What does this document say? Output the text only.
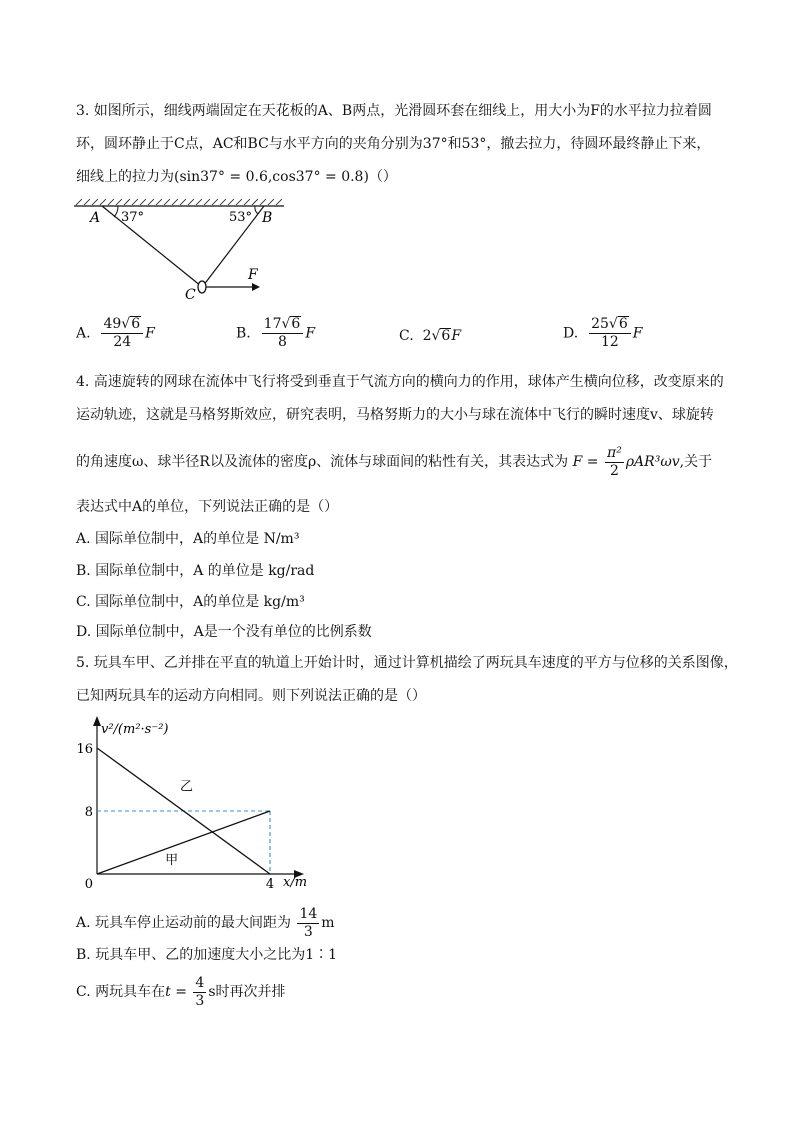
3. 如图所示，细线两端固定在天花板的A、B两点，光滑圆环套在细线上，用大小为F的水平拉力拉着圆
环，圆环静止于C点，AC和BC与水平方向的夹角分别为37°和53°，撤去拉力，待圆环最终静止下来，
细线上的拉力为(sin37° = 0.6,cos37° = 0.8)（）
A 37°	53° B
C
F
A. $\frac{49√6}{24}$ F	B. $\frac{17√6}{8}$ F	C. 2√6F	D. $\frac{25√6}{12}$ F
4. 高速旋转的网球在流体中飞行将受到垂直于气流方向的横向力的作用，球体产生横向位移，改变原来的
运动轨迹，这就是马格努斯效应，研究表明，马格努斯力的大小与球在流体中飞行的瞬时速度v、球旋转
的角速度ω、球半径R以及流体的密度ρ、流体与球面间的粘性有关，其表达式为 $F = \frac{\text{π²}}{2} \rho AR^3\omega v$,关于
表达式中A的单位，下列说法正确的是（）
A. 国际单位制中，A的单位是 N/m³
B. 国际单位制中，A 的单位是 kg/rad
C. 国际单位制中，A的单位是 kg/m³
D. 国际单位制中，A是一个没有单位的比例系数
5. 玩具车甲、乙并排在平直的轨道上开始计时，通过计算机描绘了两玩具车速度的平方与位移的关系图像，
已知两玩具车的运动方向相同。则下列说法正确的是（）
乙
甲
16
8
0	4
v²/(m²·s⁻²)
x/m
A. 玩具车停止运动前的最大间距为 $\frac{14}{3}$ m
B. 玩具车甲、乙的加速度大小之比为1∶1
C. 两玩具车在$t = \frac{4}{3}$ s时再次并排
